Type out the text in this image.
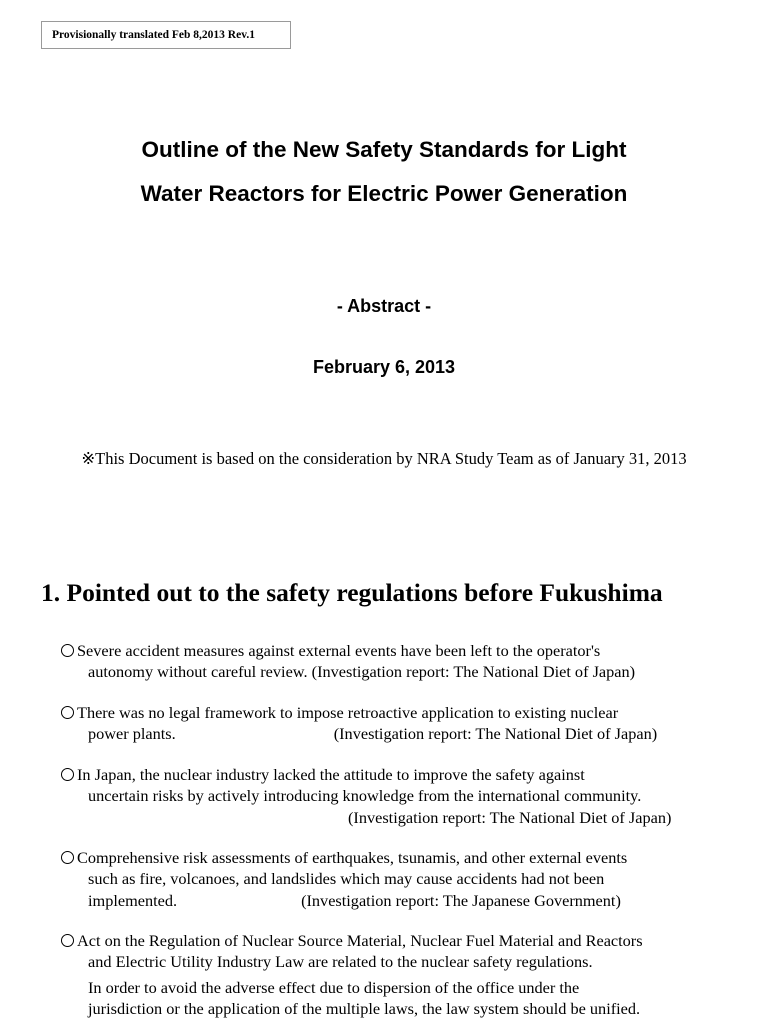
Provisionally translated Feb 8,2013 Rev.1
Outline of the New Safety Standards for Light
Water Reactors for Electric Power Generation
- Abstract -
February 6, 2013
※This Document is based on the consideration by NRA Study Team as of January 31, 2013
1. Pointed out to the safety regulations before Fukushima
Severe accident measures against external events have been left to the operator's
autonomy without careful review. (Investigation report: The National Diet of Japan)
There was no legal framework to impose retroactive application to existing nuclear
power plants.	(Investigation report: The National Diet of Japan)
In Japan, the nuclear industry lacked the attitude to improve the safety against
uncertain risks by actively introducing knowledge from the international community.
(Investigation report: The National Diet of Japan)
Comprehensive risk assessments of earthquakes, tsunamis, and other external events
such as fire, volcanoes, and landslides which may cause accidents had not been
implemented.	(Investigation report: The Japanese Government)
Act on the Regulation of Nuclear Source Material, Nuclear Fuel Material and Reactors
and Electric Utility Industry Law are related to the nuclear safety regulations.
In order to avoid the adverse effect due to dispersion of the office under the
jurisdiction or the application of the multiple laws, the law system should be unified.
